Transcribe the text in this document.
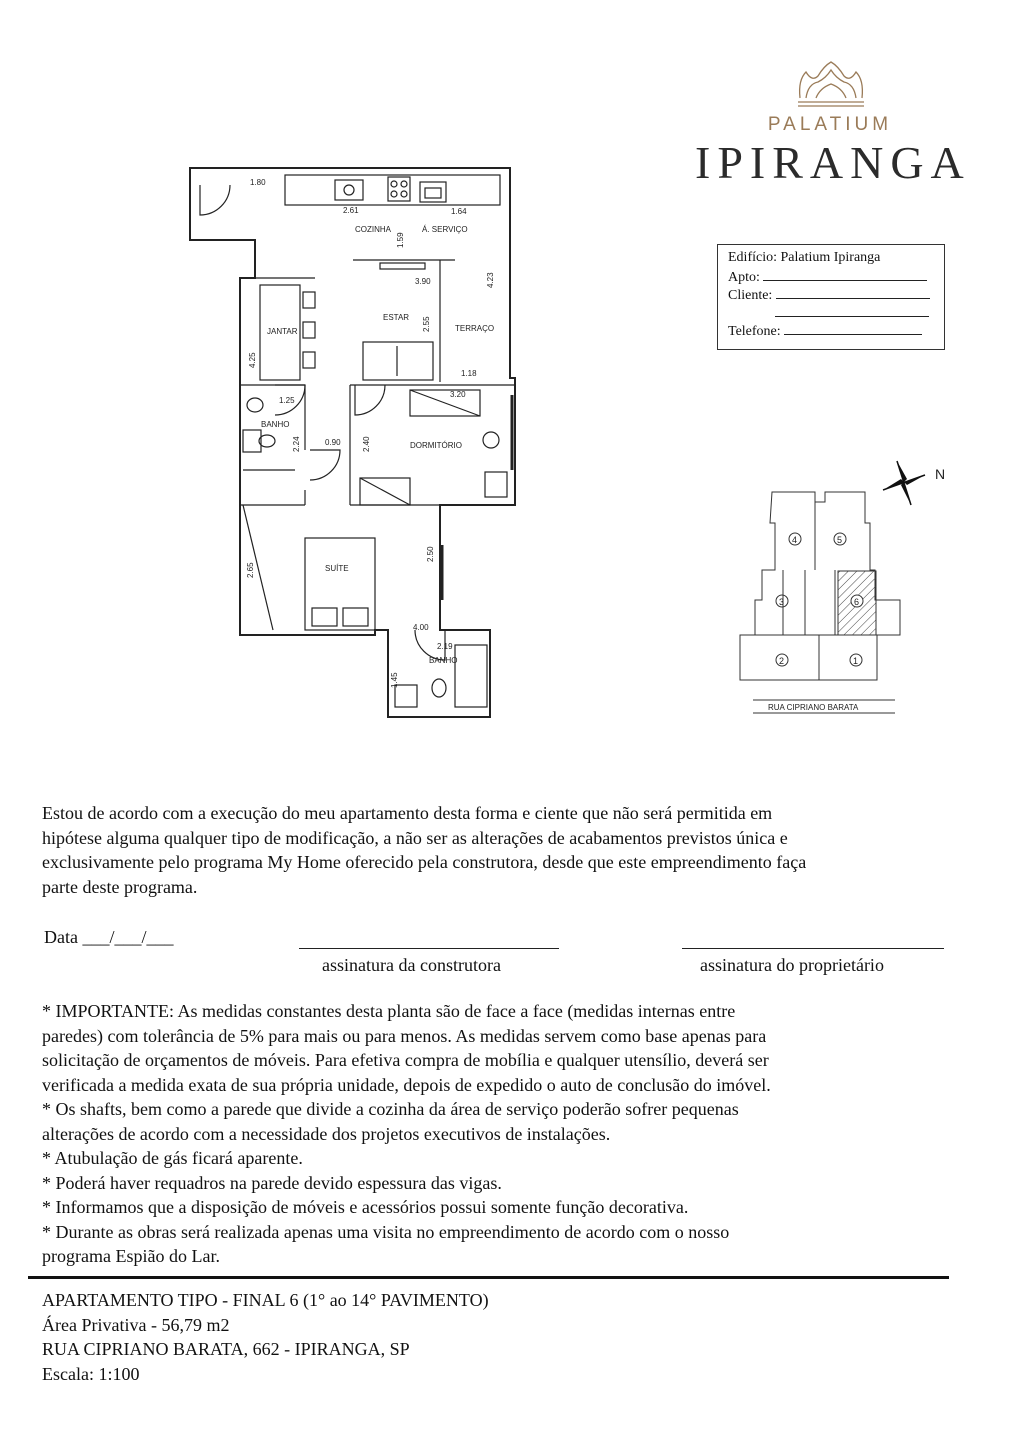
PALATIUM
IPIRANGA
Edifício: Palatium Ipiranga
Apto:
Cliente:
Telefone:
COZINHA	Á. SERVIÇO
ESTAR
TERRAÇO
JANTAR
BANHO
DORMITÓRIO
SUÍTE
BANHO
1.80
2.61	1.64
1.59
4.23
3.90
2.55
4.25
1.18
3.20
1.25
2.24	0.90	2.40
2.65
2.50
4.00
2.19
1.45
N
1
2
3
4	5
6
RUA CIPRIANO BARATA
Estou de acordo com a execução do meu apartamento desta forma e ciente que não será permitida em
hipótese alguma qualquer tipo de modificação, a não ser as alterações de acabamentos previstos única e
exclusivamente pelo programa My Home oferecido pela construtora, desde que este empreendimento faça
parte deste programa.
Data ___/___/___
assinatura da construtora	assinatura do proprietário
* IMPORTANTE: As medidas constantes desta planta são de face a face (medidas internas entre
paredes) com tolerância de 5% para mais ou para menos. As medidas servem como base apenas para
solicitação de orçamentos de móveis. Para efetiva compra de mobília e qualquer utensílio, deverá ser
verificada a medida exata de sua própria unidade, depois de expedido o auto de conclusão do imóvel.
* Os shafts, bem como a parede que divide a cozinha da área de serviço poderão sofrer pequenas
alterações de acordo com a necessidade dos projetos executivos de instalações.
* Atubulação de gás ficará aparente.
* Poderá haver requadros na parede devido espessura das vigas.
* Informamos que a disposição de móveis e acessórios possui somente função decorativa.
* Durante as obras será realizada apenas uma visita no empreendimento de acordo com o nosso
programa Espião do Lar.
APARTAMENTO TIPO - FINAL 6 (1° ao 14° PAVIMENTO)
Área Privativa - 56,79 m2
RUA CIPRIANO BARATA, 662 - IPIRANGA, SP
Escala: 1:100
